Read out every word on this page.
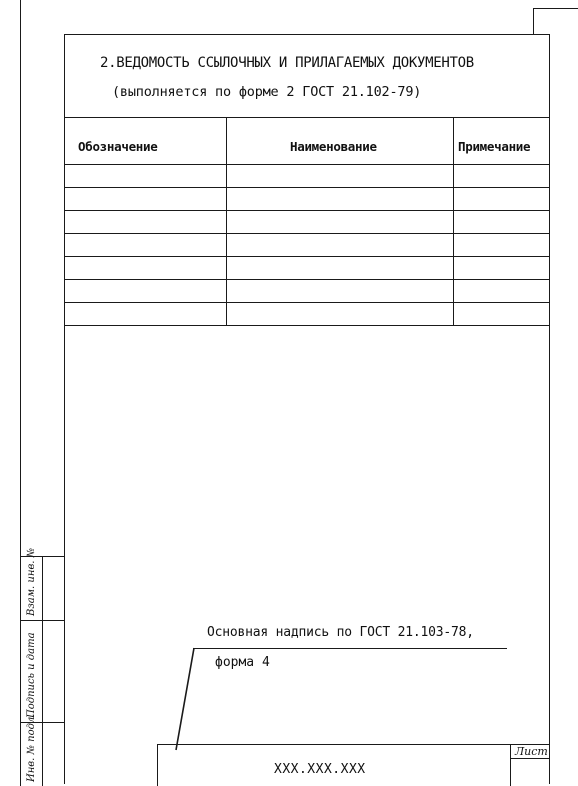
Инв. № подл.
Подпись и дата
Взам. инв. №
2.ВЕДОМОСТЬ ССЫЛОЧНЫХ И ПРИЛАГАЕМЫХ ДОКУМЕНТОВ
(выполняется по форме 2 ГОСТ 21.102-79)
Обозначение	Наименование	Примечание
Основная надпись по ГОСТ 21.103-78,
форма 4
Лист
XXX.XXX.XXX
